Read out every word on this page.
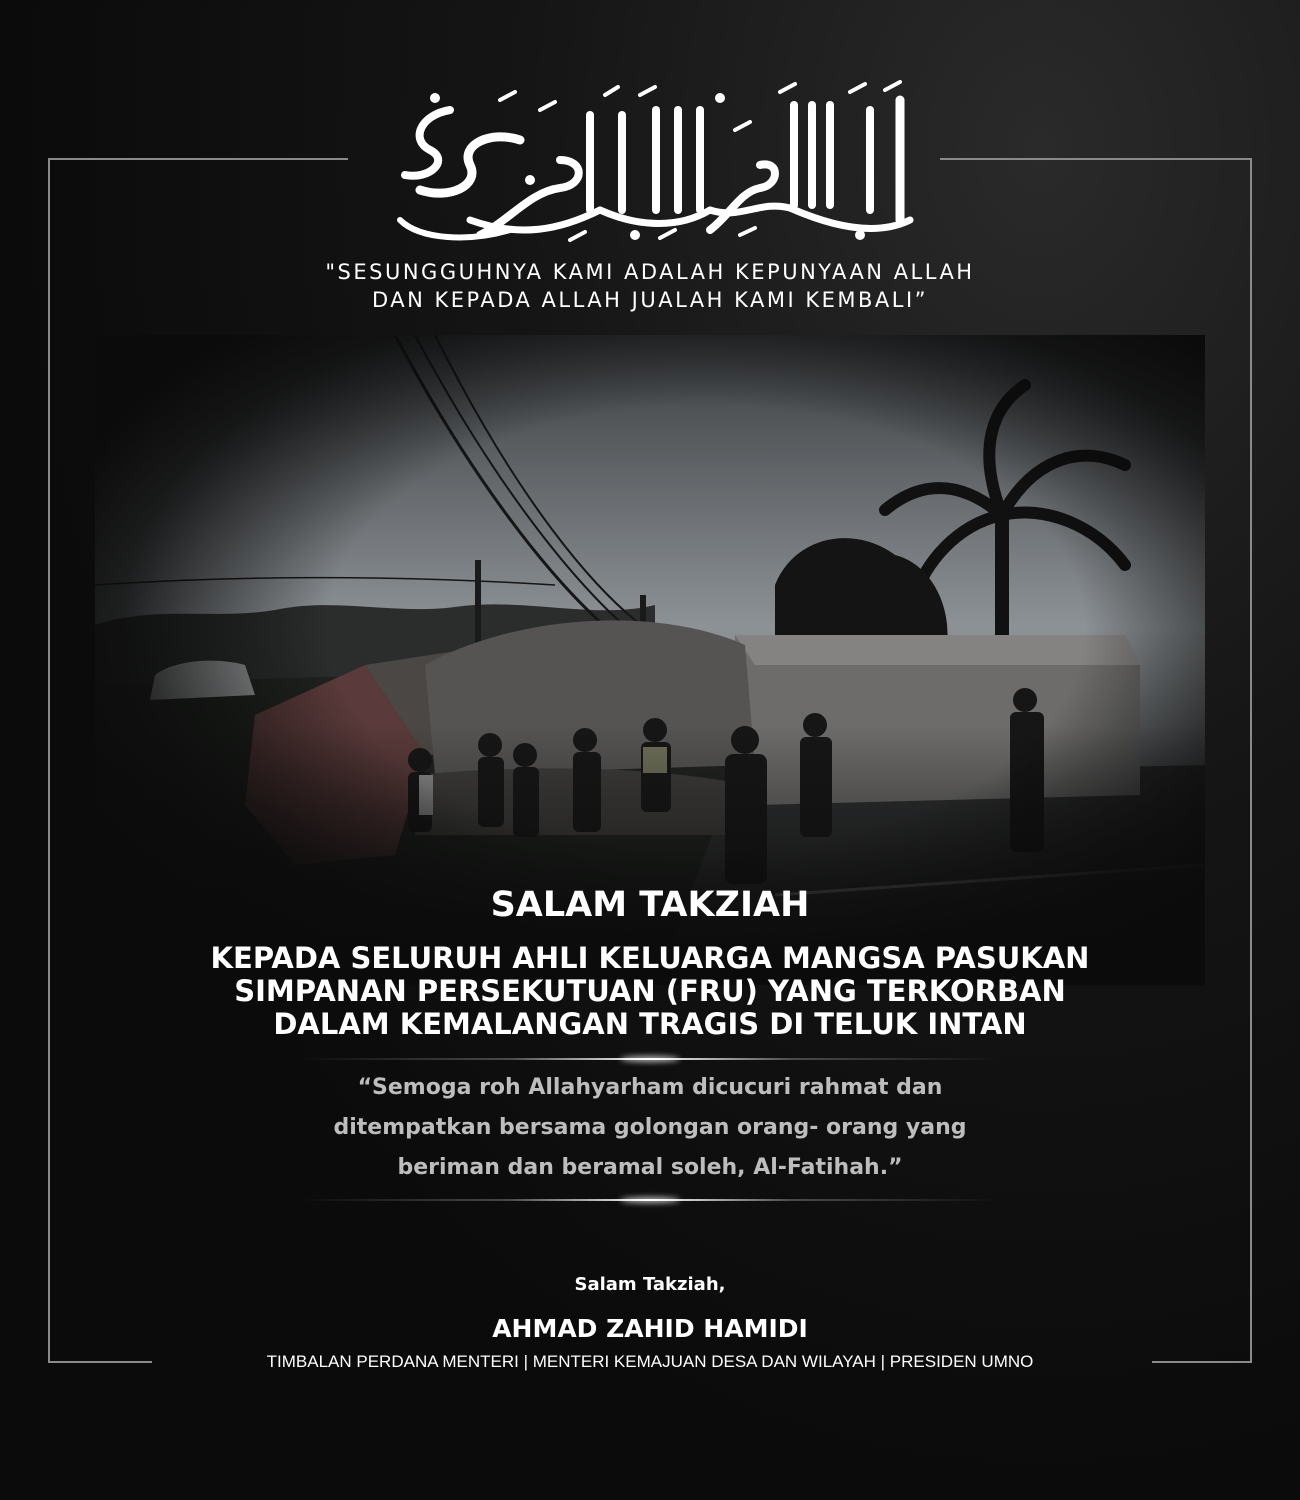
"SESUNGGUHNYA KAMI ADALAH KEPUNYAAN ALLAH
DAN KEPADA ALLAH JUALAH KAMI KEMBALI”
SALAM TAKZIAH
KEPADA SELURUH AHLI KELUARGA MANGSA PASUKAN
SIMPANAN PERSEKUTUAN (FRU) YANG TERKORBAN
DALAM KEMALANGAN TRAGIS DI TELUK INTAN
“Semoga roh Allahyarham dicucuri rahmat dan
ditempatkan bersama golongan orang- orang yang
beriman dan beramal soleh, Al-Fatihah.”
Salam Takziah,
AHMAD ZAHID HAMIDI
TIMBALAN PERDANA MENTERI | MENTERI KEMAJUAN DESA DAN WILAYAH | PRESIDEN UMNO
